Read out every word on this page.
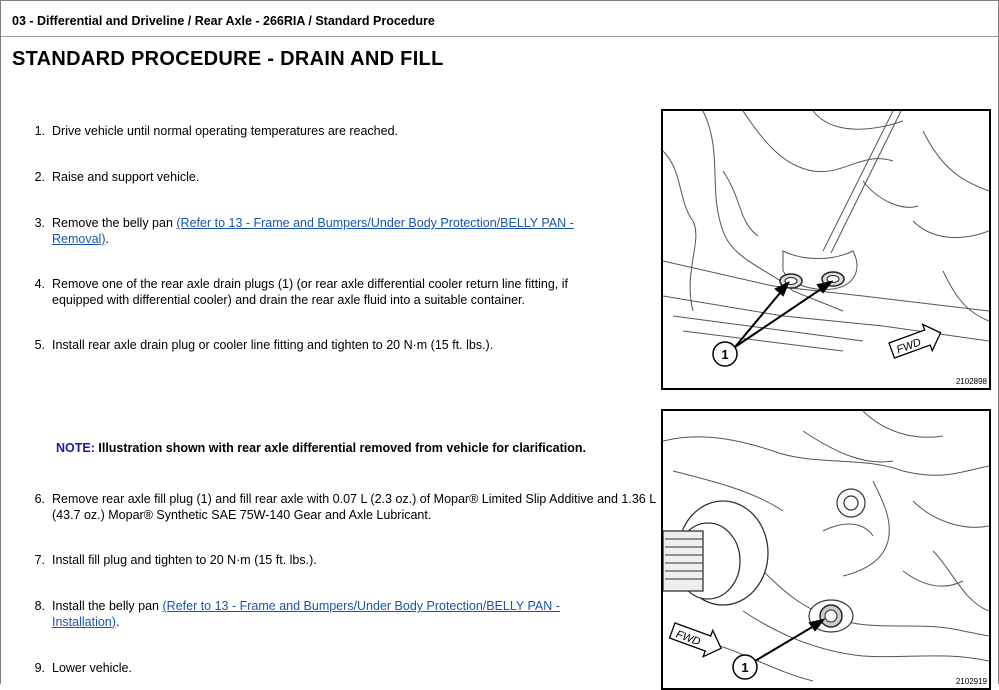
03 - Differential and Driveline / Rear Axle - 266RIA / Standard Procedure
STANDARD PROCEDURE - DRAIN AND FILL
1. Drive vehicle until normal operating temperatures are reached.
2. Raise and support vehicle.
3. Remove the belly pan (Refer to 13 - Frame and Bumpers/Under Body Protection/BELLY PAN - Removal).
4. Remove one of the rear axle drain plugs (1) (or rear axle differential cooler return line fitting, if equipped with differential cooler) and drain the rear axle fluid into a suitable container.
5. Install rear axle drain plug or cooler line fitting and tighten to 20 N·m (15 ft. lbs.).
NOTE: Illustration shown with rear axle differential removed from vehicle for clarification.
6. Remove rear axle fill plug (1) and fill rear axle with 0.07 L (2.3 oz.) of Mopar® Limited Slip Additive and 1.36 L (43.7 oz.) Mopar® Synthetic SAE 75W-140 Gear and Axle Lubricant.
7. Install fill plug and tighten to 20 N·m (15 ft. lbs.).
8. Install the belly pan (Refer to 13 - Frame and Bumpers/Under Body Protection/BELLY PAN - Installation).
9. Lower vehicle.
1	FWD
2102898
1
FWD
2102919
